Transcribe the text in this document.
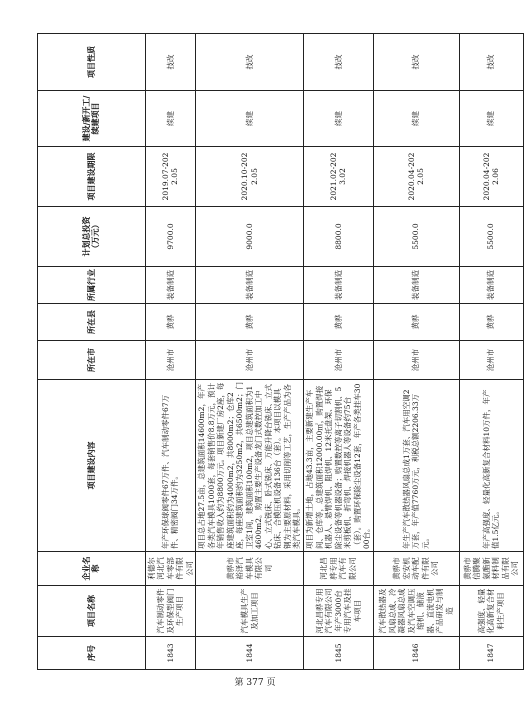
序号	项目名称	企业名称	项目建设内容	所在市	所在县	所属行业	计划总投资（万元）	项目建设期限	建设/新开工/续建项目	项目性质	
1843	汽车制动零件及环保型阀门生产项目	利德尔河北汽车零部件有限公司	年产环保球阀零件67万件、汽车制动零件67万件、精密阀门34万件。	沧州市	黄骅	装备制造	9700.0	2019.07-2022.05	续建	技改	
1844	汽车模具生产及加工项目	黄骅市裕泽汽车模具有限公司	项目总占地27.5亩，总建筑面积14600m2，年产各类汽车模具1000套，每套销售价8.8万元，预计年销售收入约为8800万元。项目新建厂房2座，每座建筑面积约为4000m2，共8000m2；仓库2座，每座建筑面积约为3250m2，共6500m2；门卫室1间，建筑面积100m2，项目总建筑面积为14600m2。购置主要生产设备龙门式数控加工中心、立式铣床、卧式铣床、万能升降台铣床、立式钻床、合模压机设备136台（套）。本项目以模具钢为主要原材料，采用切削等工艺，生产产品为各类汽车模具。	沧州市	黄骅	装备制造	9000.0	2020.10-2022.05	续建	技改	
1845	河北昌骅专用汽车有限公司年产3000台专用汽车及挂车项目	河北昌骅专用汽车有限公司	项目为新增土地，占地43.3亩，主要新建生产车间、仓库等，总建筑面积12000.00㎡，购置焊接机器人、悬臂焊机、阻焊机、12米托盘架、环保除尘设备等机器设备；购置数控等离子切割机、5米剪板机、折弯机、焊接机器人等设备约75台（套）。购置环保除尘设备12套，年产各类挂车3000台。	沧州市	黄骅	装备制造	8800.0	2021.02-2023.02	续建	技改	
1846	汽车散热器及风扇总成、冷凝器风扇总成及汽车空调压缩机、储液器、直流电机产品研发与制造	黄骅市宏安机动车配件有限公司	年生产汽车散热器风扇总成1万套、汽车用空调2万套，年产值7760万元，利税总额2206.33万元。	沧州市	黄骅	装备制造	5500.0	2020.04-2022.05	续建	技改	
1847	高强度、轻量化高新复合材料生产项目	黄骅市信腾聚氨酯新材料制品有限公司	年产高强度、轻量化高新复合材料10万件，年产值1.5亿元。	沧州市	黄骅	装备制造	5500.0	2020.04-2022.06	续建	技改	
第 377 页
